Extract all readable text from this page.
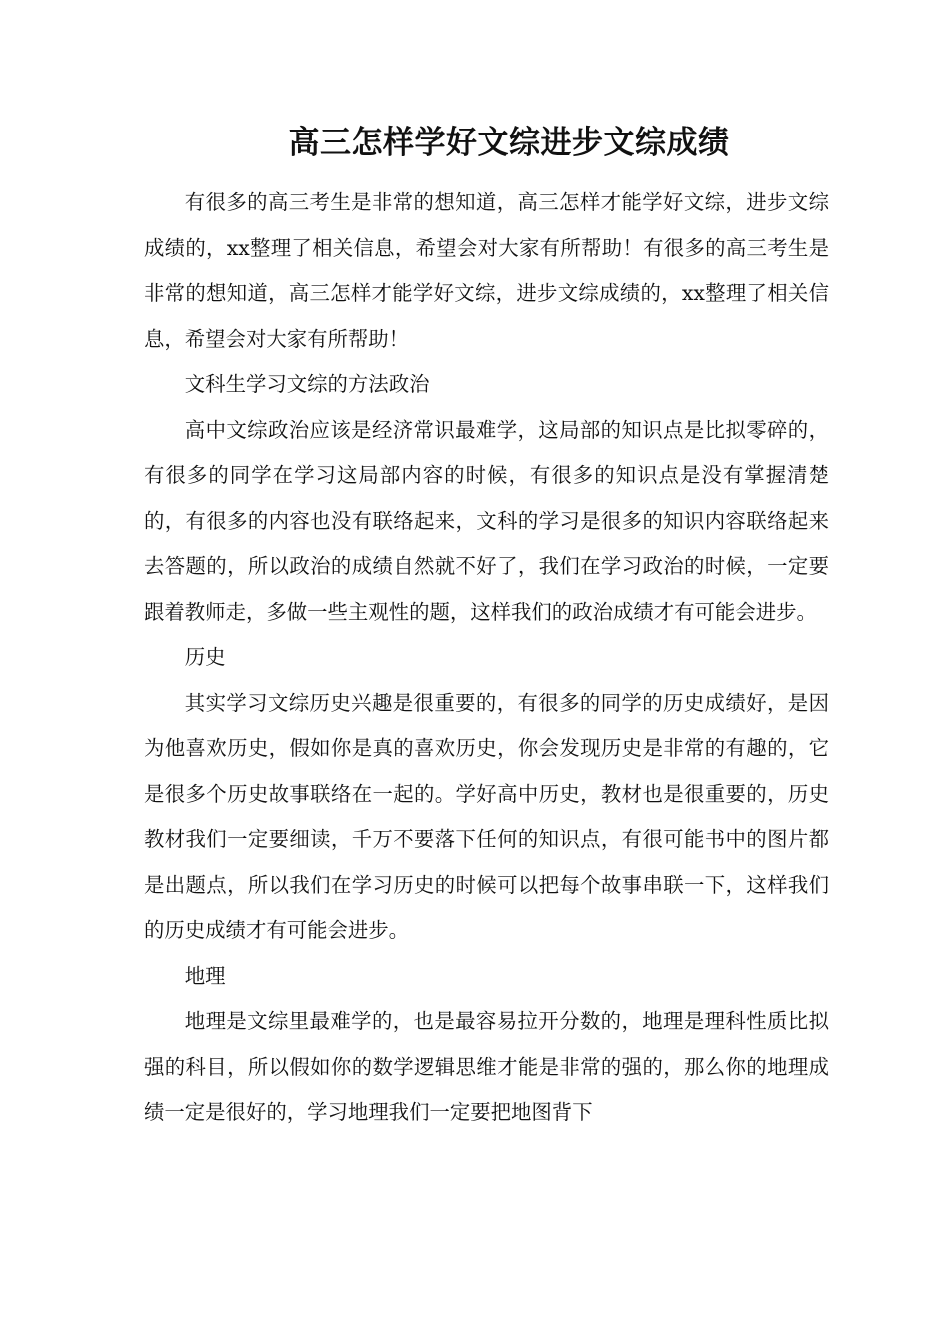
高三怎样学好文综进步文综成绩

有很多的高三考生是非常的想知道，高三怎样才能学好文综，进步文综成绩的，xx整理了相关信息，希望会对大家有所帮助！有很多的高三考生是非常的想知道，高三怎样才能学好文综，进步文综成绩的，xx整理了相关信息，希望会对大家有所帮助！

文科生学习文综的方法政治

高中文综政治应该是经济常识最难学，这局部的知识点是比拟零碎的，有很多的同学在学习这局部内容的时候，有很多的知识点是没有掌握清楚的，有很多的内容也没有联络起来，文科的学习是很多的知识内容联络起来去答题的，所以政治的成绩自然就不好了，我们在学习政治的时候，一定要跟着教师走，多做一些主观性的题，这样我们的政治成绩才有可能会进步。

历史

其实学习文综历史兴趣是很重要的，有很多的同学的历史成绩好，是因为他喜欢历史，假如你是真的喜欢历史，你会发现历史是非常的有趣的，它是很多个历史故事联络在一起的。学好高中历史，教材也是很重要的，历史教材我们一定要细读，千万不要落下任何的知识点，有很可能书中的图片都是出题点，所以我们在学习历史的时候可以把每个故事串联一下，这样我们的历史成绩才有可能会进步。

地理

地理是文综里最难学的，也是最容易拉开分数的，地理是理科性质比拟强的科目，所以假如你的数学逻辑思维才能是非常的强的，那么你的地理成绩一定是很好的，学习地理我们一定要把地图背下
